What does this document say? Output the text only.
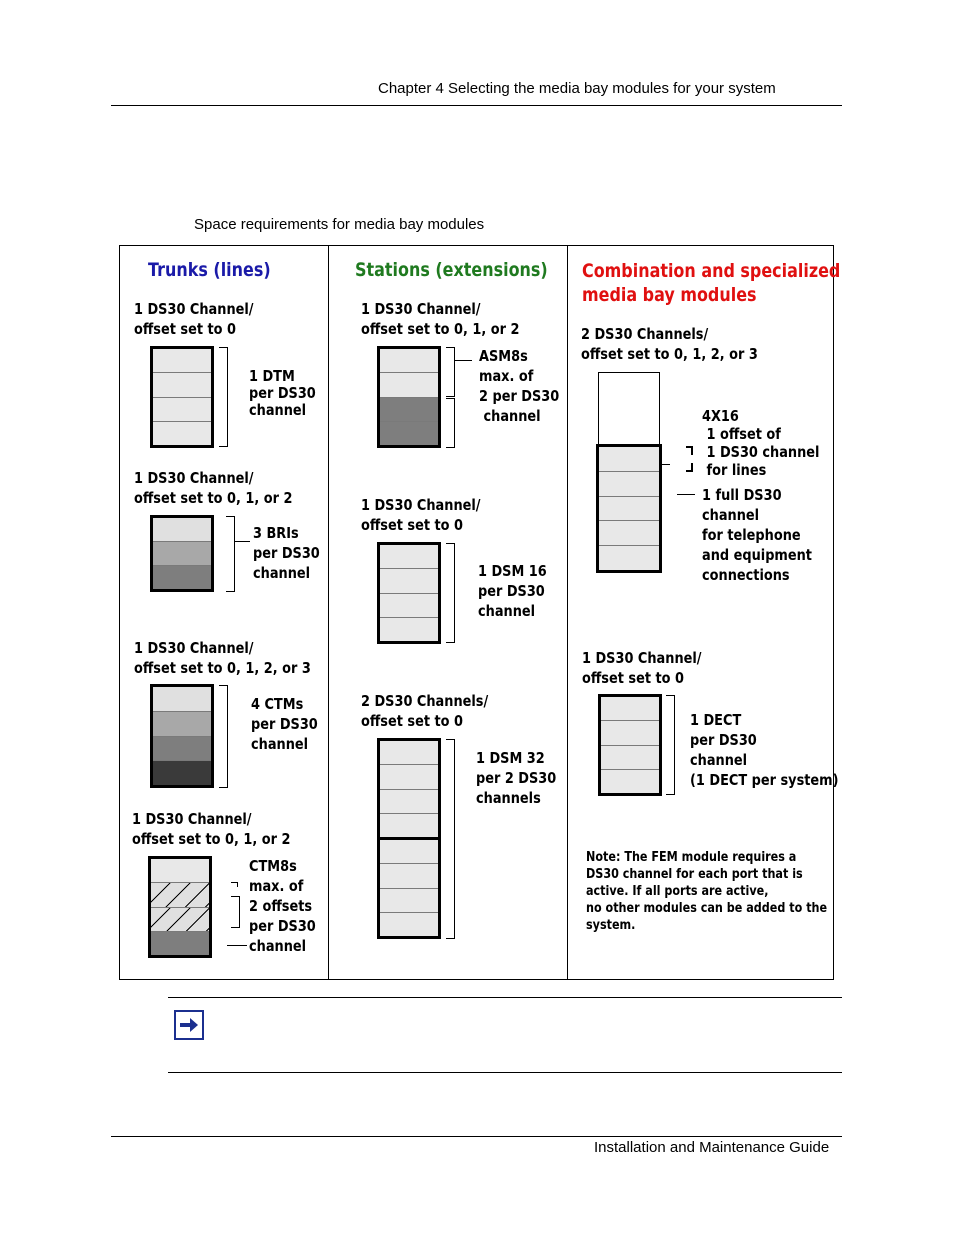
Chapter 4 Selecting the media bay modules for your system
Space requirements for media bay modules
Trunks (lines)
1 DS30 Channel/
offset set to 0
1 DTM
per DS30
channel
1 DS30 Channel/
offset set to 0, 1, or 2
3 BRIs
per DS30
channel
1 DS30 Channel/
offset set to 0, 1, 2, or 3
4 CTMs
per DS30
channel
1 DS30 Channel/
offset set to 0, 1, or 2
CTM8s
max. of
2 offsets
per DS30
channel
Stations (extensions)
1 DS30 Channel/
offset set to 0, 1, or 2
ASM8s
max. of
2 per DS30
channel
1 DS30 Channel/
offset set to 0
1 DSM 16
per DS30
channel
2 DS30 Channels/
offset set to 0
1 DSM 32
per 2 DS30
channels
Combination and specialized
media bay modules
2 DS30 Channels/
offset set to 0, 1, 2, or 3
4X16
1 offset of
1 DS30 channel
for lines
1 full DS30
channel
for telephone
and equipment
connections
1 DS30 Channel/
offset set to 0
1 DECT
per DS30
channel
(1 DECT per system)
Note: The FEM module requires a
DS30 channel for each port that is
active. If all ports are active,
no other modules can be added to the
system.
Installation and Maintenance Guide
